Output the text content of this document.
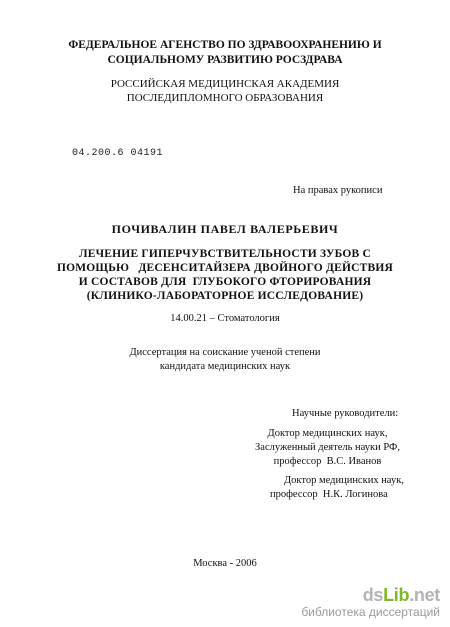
ФЕДЕРАЛЬНОЕ АГЕНСТВО ПО ЗДРАВООХРАНЕНИЮ И
СОЦИАЛЬНОМУ РАЗВИТИЮ РОСЗДРАВА
РОССИЙСКАЯ МЕДИЦИНСКАЯ АКАДЕМИЯ
ПОСЛЕДИПЛОМНОГО ОБРАЗОВАНИЯ
04.200.6 04191
На правах рукописи
ПОЧИВАЛИН ПАВЕЛ ВАЛЕРЬЕВИЧ
ЛЕЧЕНИЕ ГИПЕРЧУВСТВИТЕЛЬНОСТИ ЗУБОВ С
ПОМОЩЬЮ   ДЕСЕНСИТАЙЗЕРА ДВОЙНОГО ДЕЙСТВИЯ
И СОСТАВОВ ДЛЯ  ГЛУБОКОГО ФТОРИРОВАНИЯ
(КЛИНИКО-ЛАБОРАТОРНОЕ ИССЛЕДОВАНИЕ)
14.00.21 – Стоматология
Диссертация на соискание ученой степени
кандидата медицинских наук
Научные руководители:
Доктор медицинских наук,
Заслуженный деятель науки РФ,
профессор  В.С. Иванов
Доктор медицинских наук,
профессор  Н.К. Логинова
Москва - 2006
dsLib.net
библиотека диссертаций
